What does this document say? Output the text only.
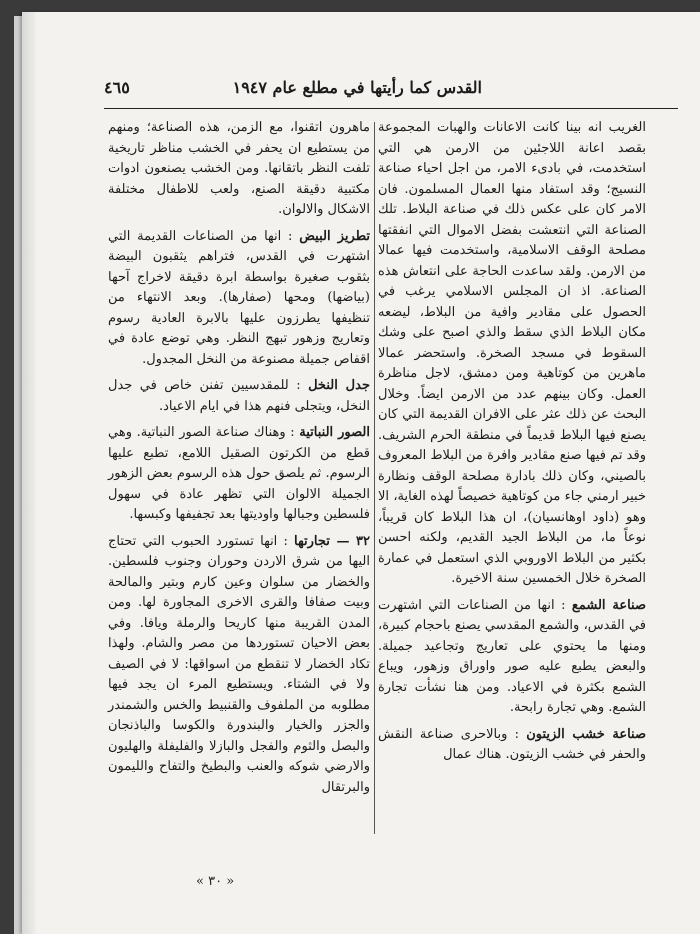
القدس كما رأيتها في مطلع عام ١٩٤٧
٤٦٥

الغريب انه بينا كانت الاعانات والهبات المجموعة بقصد اعانة اللاجئين من الارمن هي التي استخدمت، في بادىء الامر، من اجل احياء صناعة النسيج؛ وقد استفاد منها العمال المسلمون. فان الامر كان على عكس ذلك في صناعة البلاط. تلك الصناعة التي انتعشت بفضل الاموال التي انفقتها مصلحة الوقف الاسلامية، واستخدمت فيها عمالا من الارمن. ولقد ساعدت الحاجة على انتعاش هذه الصناعة. اذ ان المجلس الاسلامي يرغب في الحصول على مقادير وافية من البلاط، ليضعه مكان البلاط الذي سقط والذي اصبح على وشك السقوط في مسجد الصخرة. واستحضر عمالا ماهرين من كوتاهية ومن دمشق، لاجل مناظرة العمل. وكان بينهم عدد من الارمن ايضاً. وخلال البحث عن ذلك عثر على الافران القديمة التي كان يصنع فيها البلاط قديماً في منطقة الحرم الشريف. وقد تم فيها صنع مقادير وافرة من البلاط المعروف بالصيني، وكان ذلك بادارة مصلحة الوقف ونظارة خبير ارمني جاء من كوتاهية خصيصاً لهذه الغاية، الا وهو (داود اوهانسيان)، ان هذا البلاط كان قريباً، نوعاً ما، من البلاط الجيد القديم، ولكنه احسن بكثير من البلاط الاوروبي الذي استعمل في عمارة الصخرة خلال الخمسين سنة الاخيرة.

صناعة الشمع : انها من الصناعات التي اشتهرت في القدس، والشمع المقدسي يصنع باحجام كبيرة، ومنها ما يحتوي على تعاريج وتجاعيد جميلة. والبعض يطبع عليه صور واوراق وزهور، ويباع الشمع بكثرة في الاعياد. ومن هنا نشأت تجارة الشمع. وهي تجارة رابحة.

صناعة خشب الزيتون : وبالاحرى صناعة النقش والحفر في خشب الزيتون. هناك عمال

ماهرون اتقنوا، مع الزمن، هذه الصناعة؛ ومنهم من يستطيع ان يحفر في الخشب مناظر تاريخية تلفت النظر باتقانها. ومن الخشب يصنعون ادوات مكتبية دقيقة الصنع، ولعب للاطفال مختلفة الاشكال والالوان.

تطريز البيض : انها من الصناعات القديمة التي اشتهرت في القدس، فتراهم يثقبون البيضة بثقوب صغيرة بواسطة ابرة دقيقة لاخراج آحها (بياضها) ومحها (صفارها). وبعد الانتهاء من تنظيفها يطرزون عليها بالابرة العادية رسوم وتعاريج وزهور تبهج النظر. وهي توضع عادة في اقفاص جميلة مصنوعة من النخل المجدول.

جدل النخل : للمقدسيين تفنن خاص في جدل النخل، ويتجلى فنهم هذا في ايام الاعياد.

الصور النباتية : وهناك صناعة الصور النباتية. وهي قطع من الكرتون الصقيل اللامع، تطبع عليها الرسوم. ثم يلصق حول هذه الرسوم بعض الزهور الجميلة الالوان التي تظهر عادة في سهول فلسطين وجبالها واوديتها بعد تجفيفها وكبسها.

٣٢ — تجارتها : انها تستورد الحبوب التي تحتاج اليها من شرق الاردن وحوران وجنوب فلسطين. والخضار من سلوان وعين كارم وبتير والمالحة وبيت صفافا والقرى الاخرى المجاورة لها. ومن المدن القريبة منها كاريحا والرملة ويافا. وفي بعض الاحيان تستوردها من مصر والشام. ولهذا تكاد الخضار لا تنقطع من اسواقها: لا في الصيف ولا في الشتاء. ويستطيع المرء ان يجد فيها مطلوبه من الملفوف والقنبيط والخس والشمندر والجزر والخيار والبندورة والكوسا والباذنجان والبصل والثوم والفجل والبازلا والفليفلة والهليون والارضي شوكه والعنب والبطيخ والتفاح والليمون والبرتقال

« ٣٠ »
